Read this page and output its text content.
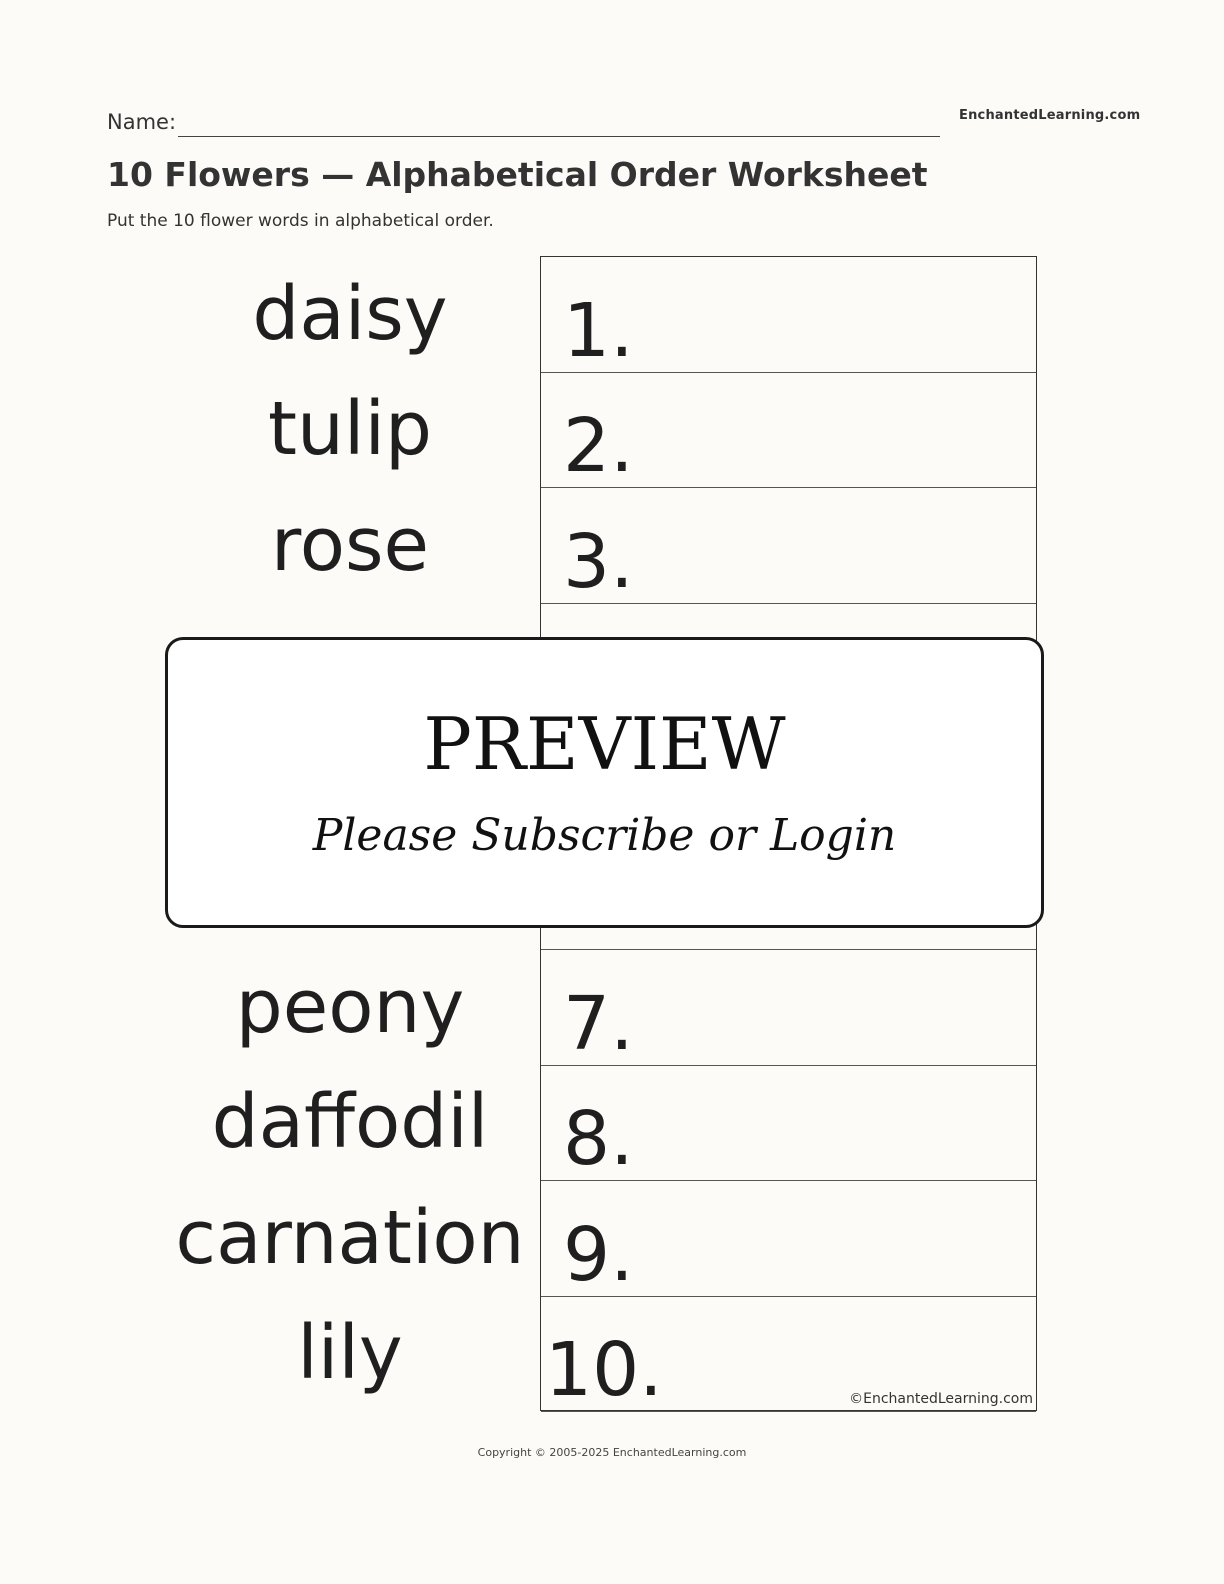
Name:	EnchantedLearning.com
10 Flowers — Alphabetical Order Worksheet
Put the 10 flower words in alphabetical order.
daisy
tulip
rose
peony
daffodil
carnation
lily
1.
2.
3.
7.
8.
9.
10.	©EnchantedLearning.com
PREVIEW
Please Subscribe or Login
Copyright © 2005-2025 EnchantedLearning.com
